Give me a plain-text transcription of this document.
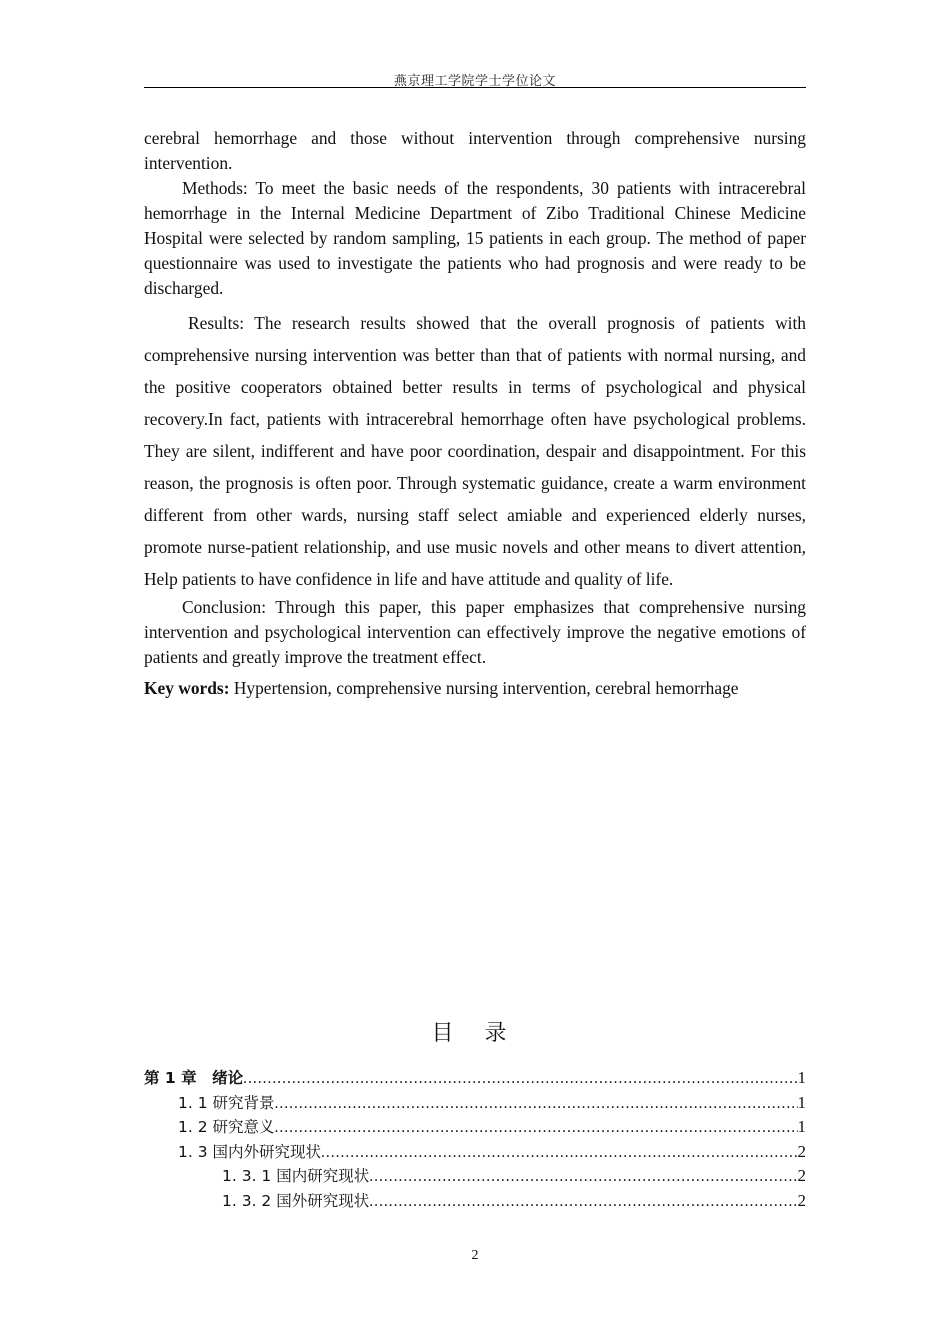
燕京理工学院学士学位论文

cerebral hemorrhage and those without intervention through comprehensive nursing intervention.

Methods: To meet the basic needs of the respondents, 30 patients with intracerebral hemorrhage in the Internal Medicine Department of Zibo Traditional Chinese Medicine Hospital were selected by random sampling, 15 patients in each group. The method of paper questionnaire was used to investigate the patients who had prognosis and were ready to be discharged.

Results: The research results showed that the overall prognosis of patients with comprehensive nursing intervention was better than that of patients with normal nursing, and the positive cooperators obtained better results in terms of psychological and physical recovery.In fact, patients with intracerebral hemorrhage often have psychological problems. They are silent, indifferent and have poor coordination, despair and disappointment. For this reason, the prognosis is often poor. Through systematic guidance, create a warm environment different from other wards, nursing staff select amiable and experienced elderly nurses, promote nurse-patient relationship, and use music novels and other means to divert attention, Help patients to have confidence in life and have attitude and quality of life.

Conclusion: Through this paper, this paper emphasizes that comprehensive nursing intervention and psychological intervention can effectively improve the negative emotions of patients and greatly improve the treatment effect.

Key words: Hypertension, comprehensive nursing intervention, cerebral hemorrhage

目 录
第 1 章　绪论 .....	1
1. 1 研究背景 .....	1
1. 2 研究意义 .....	1
1. 3 国内外研究现状 .....	2
1. 3. 1 国内研究现状 .....	2
1. 3. 2 国外研究现状 .....	2
2
